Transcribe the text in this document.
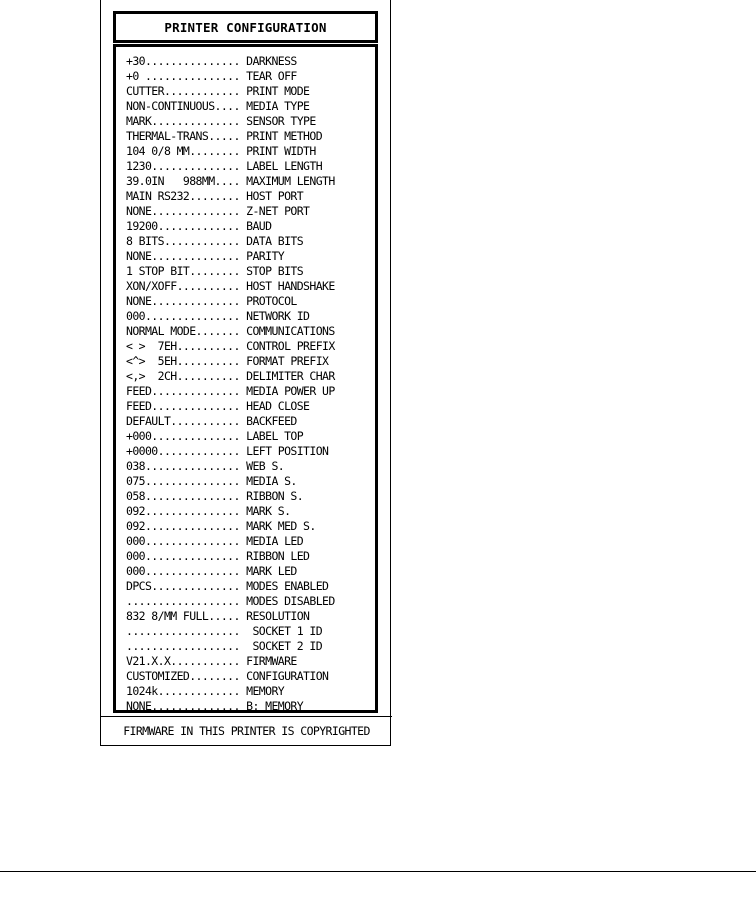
PRINTER CONFIGURATION
+30............... DARKNESS
+0 ............... TEAR OFF
CUTTER............ PRINT MODE
NON-CONTINUOUS.... MEDIA TYPE
MARK.............. SENSOR TYPE
THERMAL-TRANS..... PRINT METHOD
104 0/8 MM........ PRINT WIDTH
1230.............. LABEL LENGTH
39.0IN   988MM.... MAXIMUM LENGTH
MAIN RS232........ HOST PORT
NONE.............. Z-NET PORT
19200............. BAUD
8 BITS............ DATA BITS
NONE.............. PARITY
1 STOP BIT........ STOP BITS
XON/XOFF.......... HOST HANDSHAKE
NONE.............. PROTOCOL
000............... NETWORK ID
NORMAL MODE....... COMMUNICATIONS
< >  7EH.......... CONTROL PREFIX
<^>  5EH.......... FORMAT PREFIX
<,>  2CH.......... DELIMITER CHAR
FEED.............. MEDIA POWER UP
FEED.............. HEAD CLOSE
DEFAULT........... BACKFEED
+000.............. LABEL TOP
+0000............. LEFT POSITION
038............... WEB S.
075............... MEDIA S.
058............... RIBBON S.
092............... MARK S.
092............... MARK MED S.
000............... MEDIA LED
000............... RIBBON LED
000............... MARK LED
DPCS.............. MODES ENABLED
.................. MODES DISABLED
832 8/MM FULL..... RESOLUTION
..................  SOCKET 1 ID
..................  SOCKET 2 ID
V21.X.X........... FIRMWARE
CUSTOMIZED........ CONFIGURATION
1024k............. MEMORY
NONE.............. B: MEMORY
FIRMWARE IN THIS PRINTER IS COPYRIGHTED
